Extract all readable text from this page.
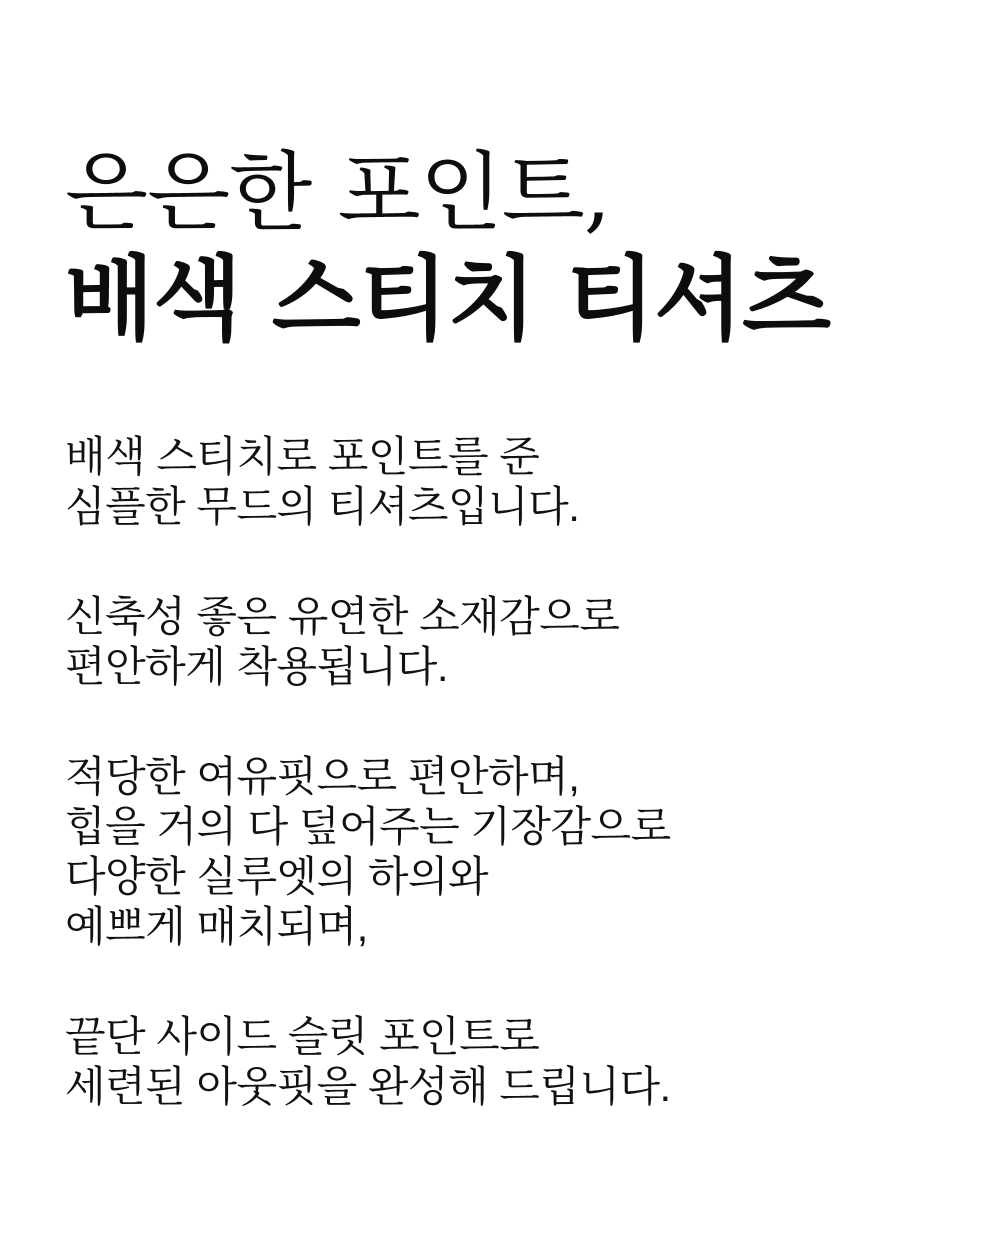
은은한 포인트,
배색 스티치 티셔츠

배색 스티치로 포인트를 준
심플한 무드의 티셔츠입니다.

신축성 좋은 유연한 소재감으로
편안하게 착용됩니다.

적당한 여유핏으로 편안하며,
힙을 거의 다 덮어주는 기장감으로
다양한 실루엣의 하의와
예쁘게 매치되며,

끝단 사이드 슬릿 포인트로
세련된 아웃핏을 완성해 드립니다.
